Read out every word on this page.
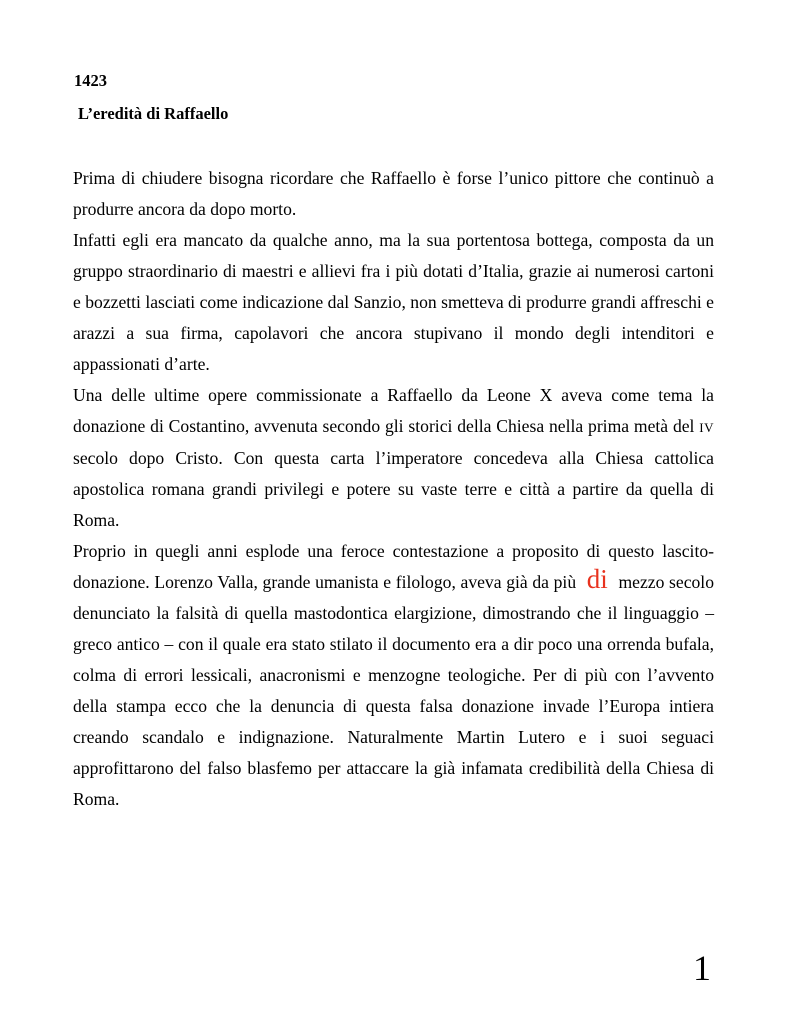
1423

L’eredità di Raffaello

Prima di chiudere bisogna ricordare che Raffaello è forse l’unico pittore che continuò a produrre ancora da dopo morto.

Infatti egli era mancato da qualche anno, ma la sua portentosa bottega, composta da un gruppo straordinario di maestri e allievi fra i più dotati d’Italia, grazie ai numerosi cartoni e bozzetti lasciati come indicazione dal Sanzio, non smetteva di produrre grandi affreschi e arazzi a sua firma, capolavori che ancora stupivano il mondo degli intenditori e appassionati d’arte.

Una delle ultime opere commissionate a Raffaello da Leone X aveva come tema la donazione di Costantino, avvenuta secondo gli storici della Chiesa nella prima metà del IV secolo dopo Cristo. Con questa carta l’imperatore concedeva alla Chiesa cattolica apostolica romana grandi privilegi e potere su vaste terre e città a partire da quella di Roma.

Proprio in quegli anni esplode una feroce contestazione a proposito di questo lascito-donazione. Lorenzo Valla, grande umanista e filologo, aveva già da più di mezzo secolo denunciato la falsità di quella mastodontica elargizione, dimostrando che il linguaggio – greco antico – con il quale era stato stilato il documento era a dir poco una orrenda bufala, colma di errori lessicali, anacronismi e menzogne teologiche. Per di più con l’avvento della stampa ecco che la denuncia di questa falsa donazione invade l’Europa intiera creando scandalo e indignazione. Naturalmente Martin Lutero e i suoi seguaci approfittarono del falso blasfemo per attaccare la già infamata credibilità della Chiesa di Roma.

1
